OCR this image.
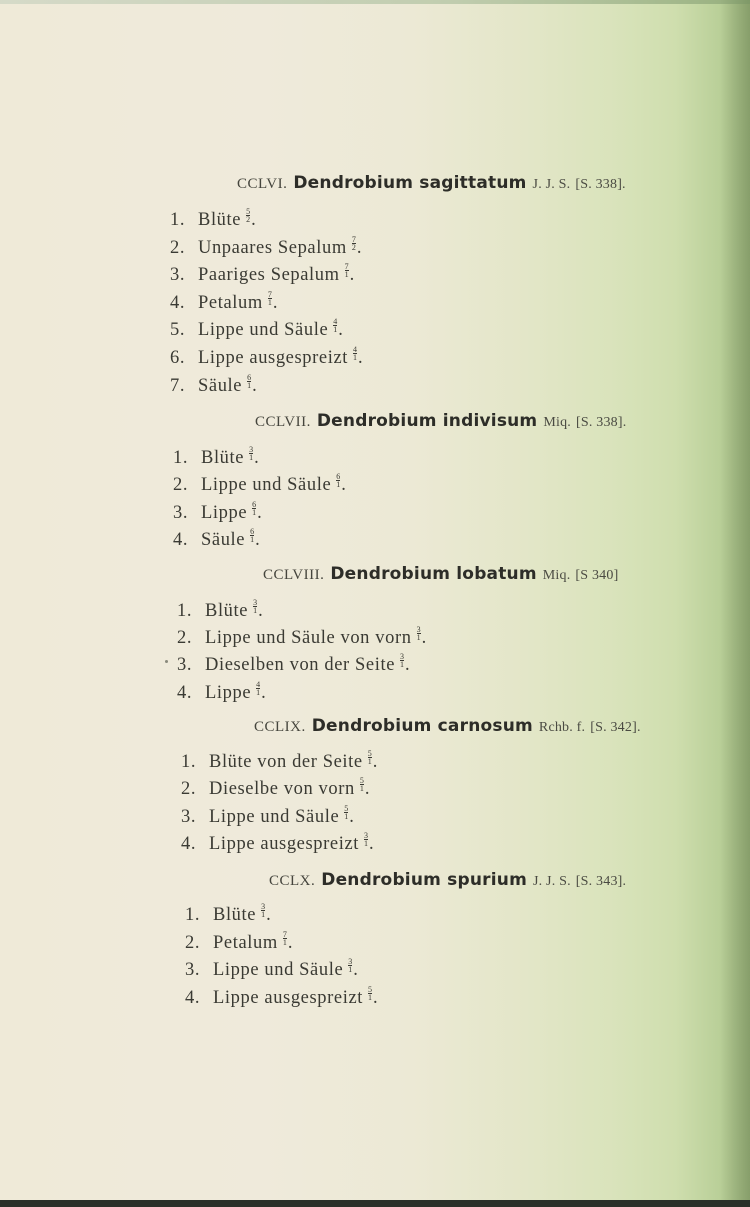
CCLVI. Dendrobium sagittatum J. J. S. [S. 338].
1. Blüte $\frac{5}{2}$ .
2. Unpaares Sepalum $\frac{7}{2}$ .
3. Paariges Sepalum $\frac{7}{1}$ .
4. Petalum $\frac{7}{1}$ .
5. Lippe und Säule $\frac{4}{1}$ .
6. Lippe ausgespreizt $\frac{4}{1}$ .
7. Säule $\frac{6}{1}$ .
CCLVII. Dendrobium indivisum Miq. [S. 338].
1. Blüte $\frac{3}{1}$ .
2. Lippe und Säule $\frac{6}{1}$ .
3. Lippe $\frac{6}{1}$ .
4. Säule $\frac{6}{1}$ .
CCLVIII. Dendrobium lobatum Miq. [S 340]
1. Blüte $\frac{3}{1}$ .
2. Lippe und Säule von vorn $\frac{3}{1}$ .
3. Dieselben von der Seite $\frac{3}{1}$ .
4. Lippe $\frac{4}{1}$ .
CCLIX. Dendrobium carnosum Rchb. f. [S. 342].
1. Blüte von der Seite $\frac{5}{1}$ .
2. Dieselbe von vorn $\frac{5}{1}$ .
3. Lippe und Säule $\frac{5}{1}$ .
4. Lippe ausgespreizt $\frac{3}{1}$ .
CCLX. Dendrobium spurium J. J. S. [S. 343].
1. Blüte $\frac{3}{1}$ .
2. Petalum $\frac{7}{1}$ .
3. Lippe und Säule $\frac{3}{1}$ .
4. Lippe ausgespreizt $\frac{5}{1}$ .
